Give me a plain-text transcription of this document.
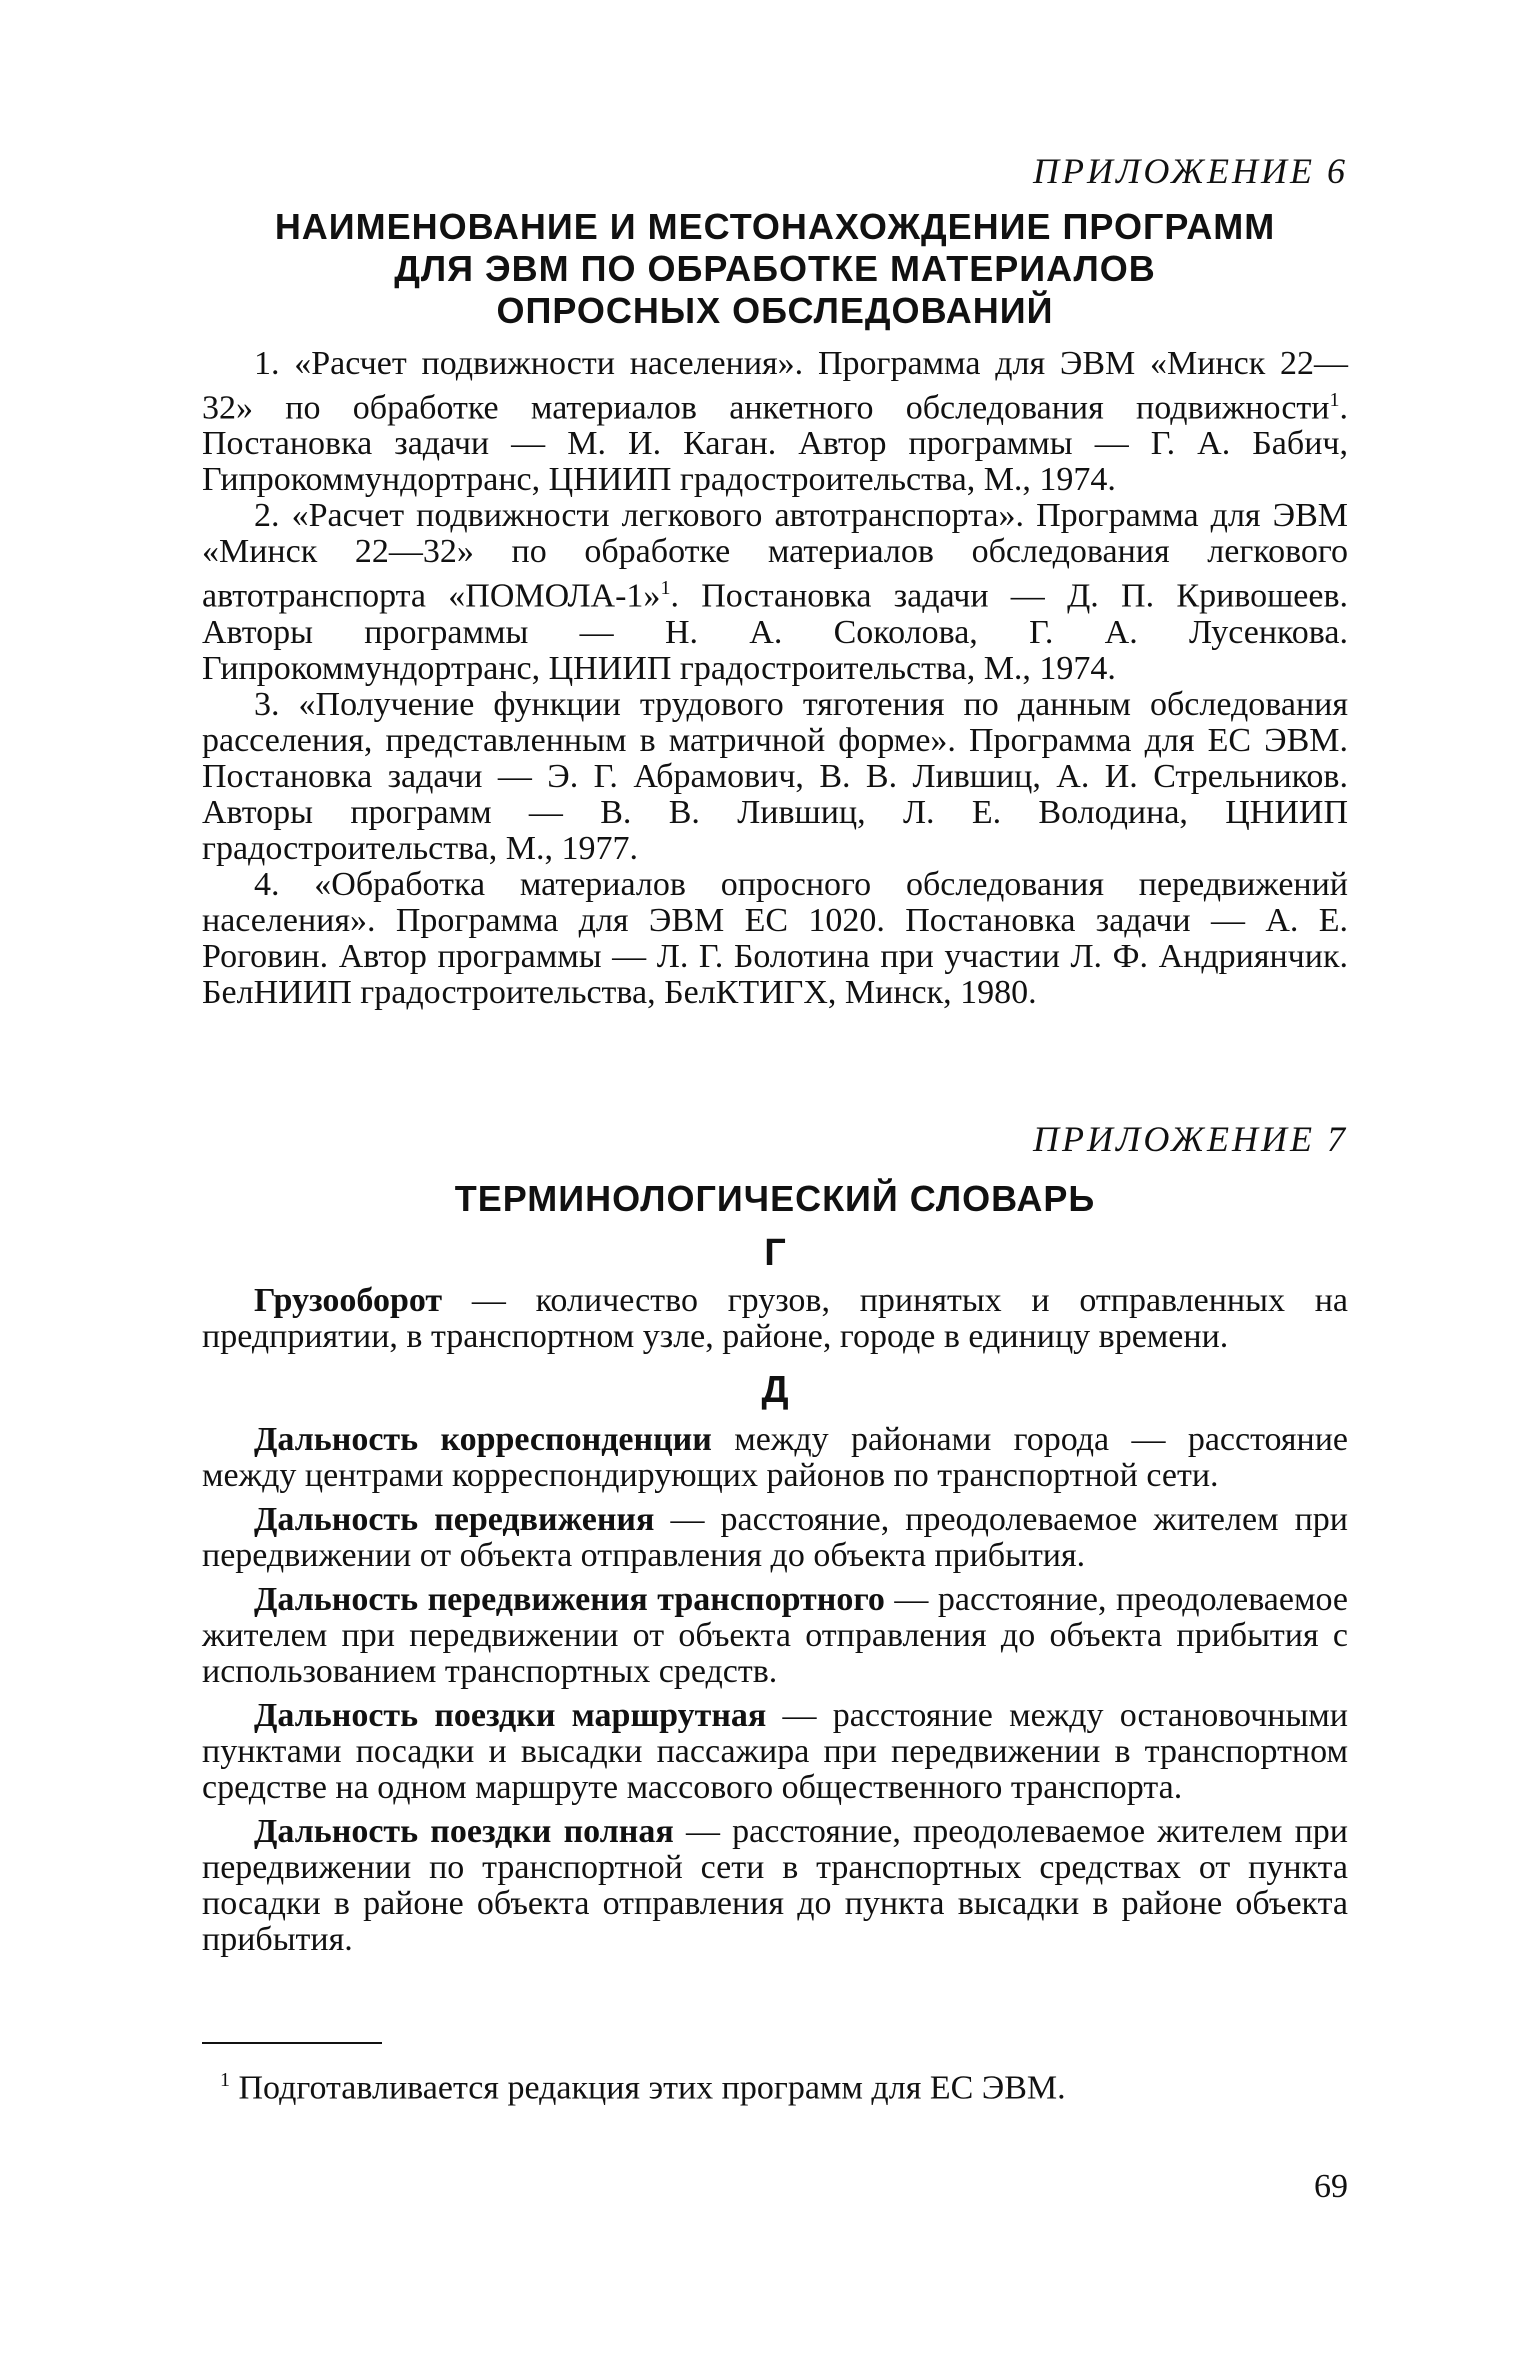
ПРИЛОЖЕНИЕ 6

НАИМЕНОВАНИЕ И МЕСТОНАХОЖДЕНИЕ ПРОГРАММ
ДЛЯ ЭВМ ПО ОБРАБОТКЕ МАТЕРИАЛОВ
ОПРОСНЫХ ОБСЛЕДОВАНИЙ

1. «Расчет подвижности населения». Программа для ЭВМ «Минск 22—32» по обработке материалов анкетного обследования подвижности$^1$. Постановка задачи — М. И. Каган. Автор программы — Г. А. Бабич, Гипрокоммундортранс, ЦНИИП градостроительства, М., 1974.

2. «Расчет подвижности легкового автотранспорта». Программа для ЭВМ «Минск 22—32» по обработке материалов обследования легкового автотранспорта «ПОМОЛА-1»$^1$. Постановка задачи — Д. П. Кривошеев. Авторы программы — Н. А. Соколова, Г. А. Лусенкова. Гипрокоммундортранс, ЦНИИП градостроительства, М., 1974.

3. «Получение функции трудового тяготения по данным обследования расселения, представленным в матричной форме». Программа для ЕС ЭВМ. Постановка задачи — Э. Г. Абрамович, В. В. Лившиц, А. И. Стрельников. Авторы программ — В. В. Лившиц, Л. Е. Володина, ЦНИИП градостроительства, М., 1977.

4. «Обработка материалов опросного обследования передвижений населения». Программа для ЭВМ ЕС 1020. Постановка задачи — А. Е. Роговин. Автор программы — Л. Г. Болотина при участии Л. Ф. Андриянчик. БелНИИП градостроительства, БелКТИГХ, Минск, 1980.

ПРИЛОЖЕНИЕ 7

ТЕРМИНОЛОГИЧЕСКИЙ СЛОВАРЬ

Г

Грузооборот — количество грузов, принятых и отправленных на предприятии, в транспортном узле, районе, городе в единицу времени.

Д

Дальность корреспонденции между районами города — расстояние между центрами корреспондирующих районов по транспортной сети.

Дальность передвижения — расстояние, преодолеваемое жителем при передвижении от объекта отправления до объекта прибытия.

Дальность передвижения транспортного — расстояние, преодолеваемое жителем при передвижении от объекта отправления до объекта прибытия с использованием транспортных средств.

Дальность поездки маршрутная — расстояние между остановочными пунктами посадки и высадки пассажира при передвижении в транспортном средстве на одном маршруте массового общественного транспорта.

Дальность поездки полная — расстояние, преодолеваемое жителем при передвижении по транспортной сети в транспортных средствах от пункта посадки в районе объекта отправления до пункта высадки в районе объекта прибытия.

$^1$ Подготавливается редакция этих программ для ЕС ЭВМ.

69
